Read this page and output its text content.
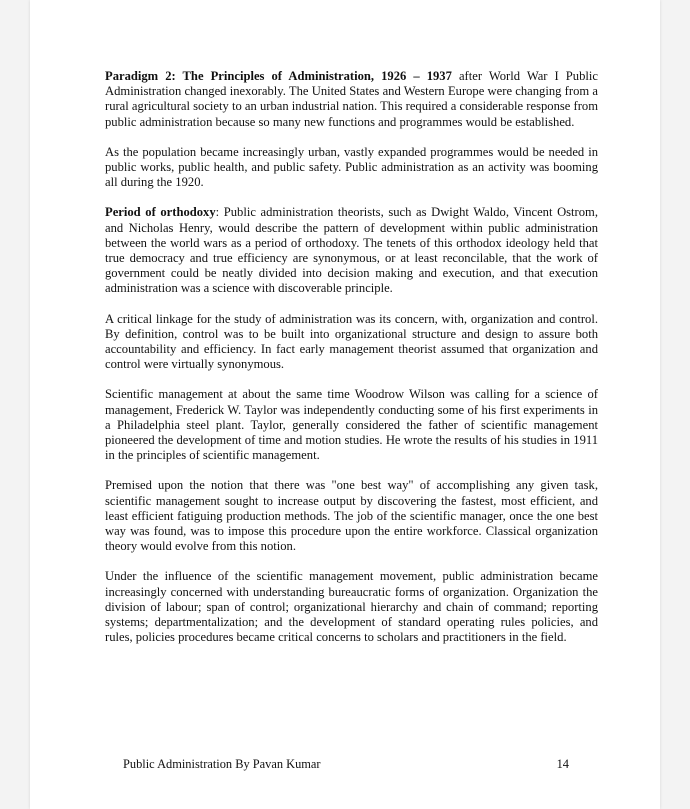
Paradigm 2: The Principles of Administration, 1926 – 1937 after World War I Public Administration changed inexorably. The United States and Western Europe were changing from a rural agricultural society to an urban industrial nation. This required a considerable response from public administration because so many new functions and programmes would be established.

As the population became increasingly urban, vastly expanded programmes would be needed in public works, public health, and public safety. Public administration as an activity was booming all during the 1920.

Period of orthodoxy: Public administration theorists, such as Dwight Waldo, Vincent Ostrom, and Nicholas Henry, would describe the pattern of development within public administration between the world wars as a period of orthodoxy. The tenets of this orthodox ideology held that true democracy and true efficiency are synonymous, or at least reconcilable, that the work of government could be neatly divided into decision making and execution, and that execution administration was a science with discoverable principle.

A critical linkage for the study of administration was its concern, with, organization and control. By definition, control was to be built into organizational structure and design to assure both accountability and efficiency. In fact early management theorist assumed that organization and control were virtually synonymous.

Scientific management at about the same time Woodrow Wilson was calling for a science of management, Frederick W. Taylor was independently conducting some of his first experiments in a Philadelphia steel plant. Taylor, generally considered the father of scientific management pioneered the development of time and motion studies. He wrote the results of his studies in 1911 in the principles of scientific management.

Premised upon the notion that there was "one best way" of accomplishing any given task, scientific management sought to increase output by discovering the fastest, most efficient, and least efficient fatiguing production methods. The job of the scientific manager, once the one best way was found, was to impose this procedure upon the entire workforce. Classical organization theory would evolve from this notion.

Under the influence of the scientific management movement, public administration became increasingly concerned with understanding bureaucratic forms of organization. Organization the division of labour; span of control; organizational hierarchy and chain of command; reporting systems; departmentalization; and the development of standard operating rules policies, and rules, policies procedures became critical concerns to scholars and practitioners in the field.

Public Administration By Pavan Kumar	14
